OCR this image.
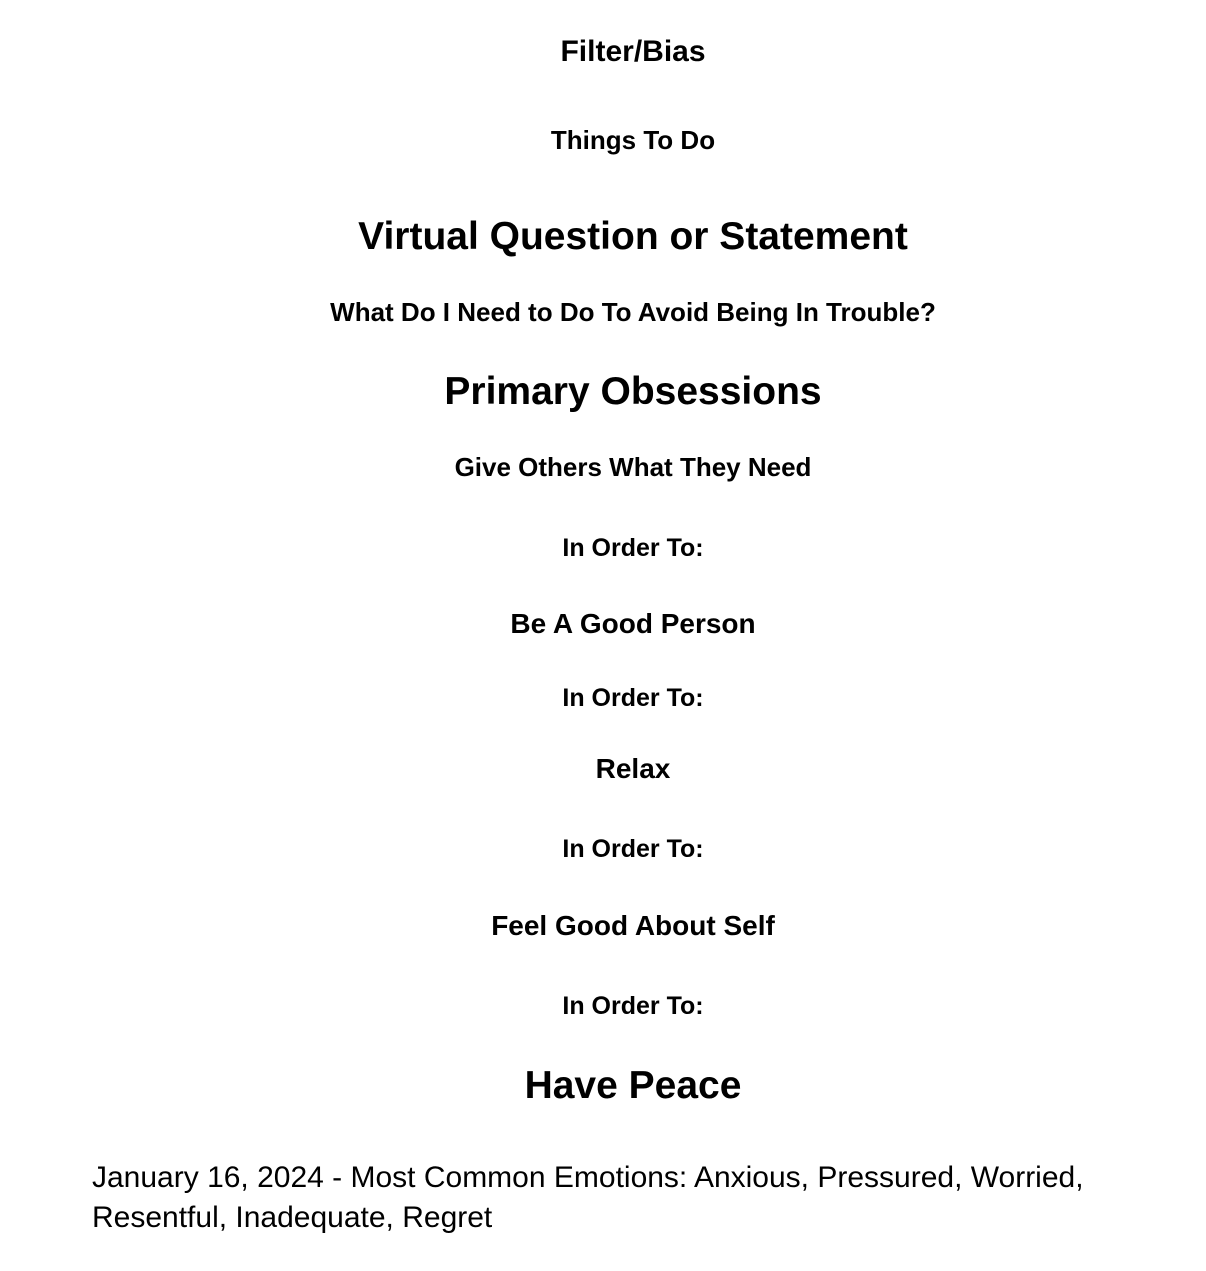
Filter/Bias
Things To Do
Virtual Question or Statement
What Do I Need to Do To Avoid Being In Trouble?
Primary Obsessions
Give Others What They Need
In Order To:
Be A Good Person
In Order To:
Relax
In Order To:
Feel Good About Self
In Order To:
Have Peace
January 16, 2024 - Most Common Emotions: Anxious, Pressured, Worried, Resentful, Inadequate, Regret
